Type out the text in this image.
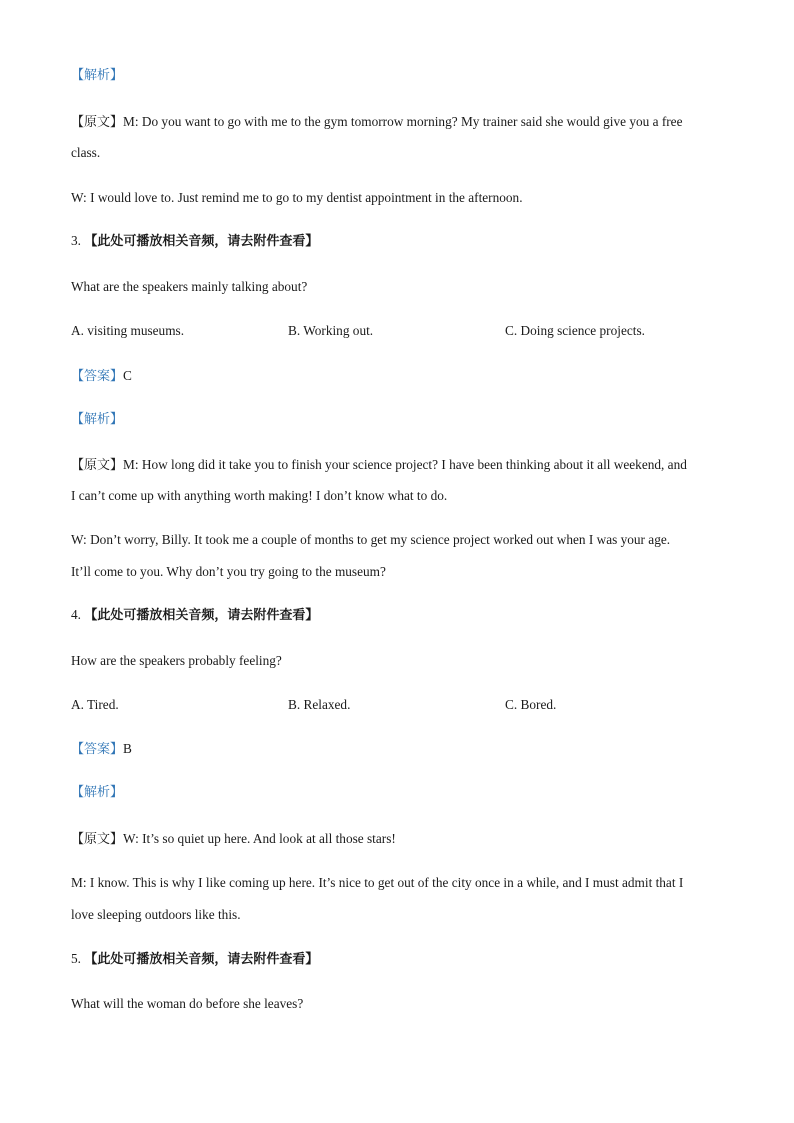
【解析】
【原文】M: Do you want to go with me to the gym tomorrow morning? My trainer said she would give you a free
class.
W: I would love to. Just remind me to go to my dentist appointment in the afternoon.
3. 【此处可播放相关音频，请去附件查看】
What are the speakers mainly talking about?
A. visiting museums.	B. Working out.	C. Doing science projects.
【答案】C
【解析】
【原文】M: How long did it take you to finish your science project? I have been thinking about it all weekend, and
I can’t come up with anything worth making! I don’t know what to do.
W: Don’t worry, Billy. It took me a couple of months to get my science project worked out when I was your age.
It’ll come to you. Why don’t you try going to the museum?
4. 【此处可播放相关音频，请去附件查看】
How are the speakers probably feeling?
A. Tired.	B. Relaxed.	C. Bored.
【答案】B
【解析】
【原文】W: It’s so quiet up here. And look at all those stars!
M: I know. This is why I like coming up here. It’s nice to get out of the city once in a while, and I must admit that I
love sleeping outdoors like this.
5. 【此处可播放相关音频，请去附件查看】
What will the woman do before she leaves?
